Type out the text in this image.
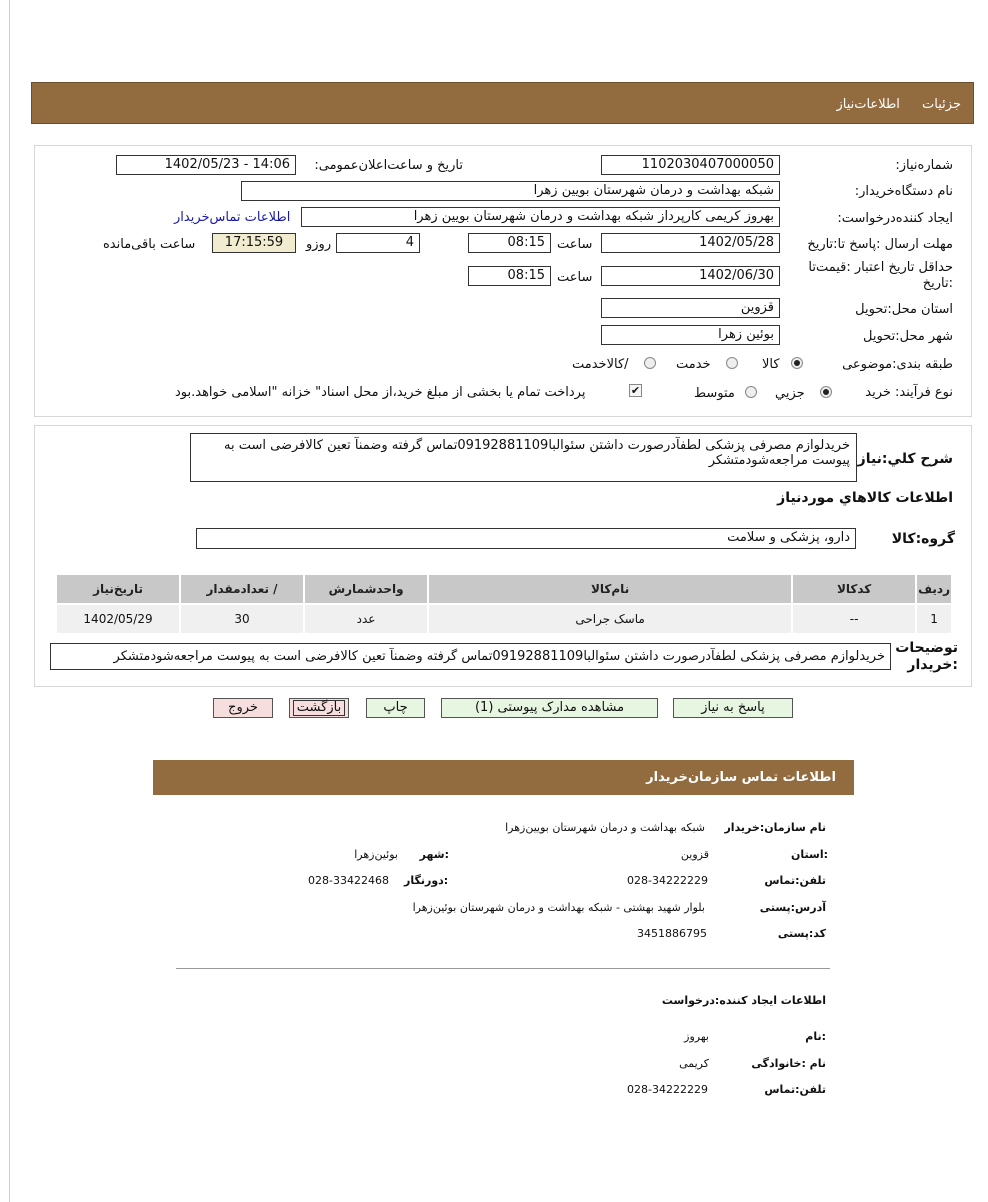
جزئیات اطلاعات‌نیاز
شماره‌نیاز:
1102030407000050
تاریخ و ساعت‌اعلان‌عمومی:
1402/05/23 - 14:06
نام دستگاه‌خریدار:
شبکه بهداشت و درمان شهرستان بویین زهرا
ایجاد کننده‌درخواست:
بهروز کریمی کارپرداز شبکه بهداشت و درمان شهرستان بویین زهرا
اطلاعات تماس‌خریدار
مهلت ارسال :پاسخ تا:تاریخ
1402/05/28
ساعت
08:15
4
روزو
17:15:59
ساعت باقی‌مانده
حداقل تاریخ اعتبار :قیمت‌تا :تاریخ
1402/06/30
ساعت
08:15
استان محل:تحویل
قزوین
شهر محل:تحویل
بوئین زهرا
طبقه بندی:موضوعی
کالا
خدمت
/کالاخدمت
نوع فرآیند: خرید
جزیي
متوسط
✔
پرداخت تمام یا بخشی از مبلغ خرید،از محل اسناد" خزانه "اسلامی خواهد.بود
شرح کلي:نیاز
خریدلوازم مصرفی پزشکی لطفآدرصورت داشتن سئوالبا09192881109تماس گرفته وضمنآ تعین کالافرضی است به پیوست مراجعه‌شودمتشکر
اطلاعات کالاهاي موردنیاز
گروه:کالا
دارو، پزشکی و سلامت
ردیف	کدکالا	نام‌کالا	واحدشمارش	/ تعدادمقدار	تاریخ‌نیاز
1	--	ماسک جراحی	عدد	30	1402/05/29
توضیحات :خریدار
خریدلوازم مصرفی پزشکی لطفآدرصورت داشتن سئوالبا09192881109تماس گرفته وضمنآ تعین کالافرضی است به پیوست مراجعه‌شودمتشکر
پاسخ به نیاز
مشاهده مدارک پیوستی (1)
چاپ
بازگشت
خروج
اطلاعات تماس سازمان‌خریدار
نام سازمان:خریدار
شبکه بهداشت و درمان شهرستان بویین‌زهرا
:استان
قزوین
:شهر
بوئین‌زهرا
تلفن:تماس
028-34222229
:دورنگار
028-33422468
آدرس:پستی
بلوار شهید بهشتی - شبکه بهداشت و درمان شهرستان بوئین‌زهرا
کد:پستی
3451886795
اطلاعات ایجاد کننده:درخواست
:نام
بهروز
نام :خانوادگی
کریمی
تلفن:تماس
028-34222229
